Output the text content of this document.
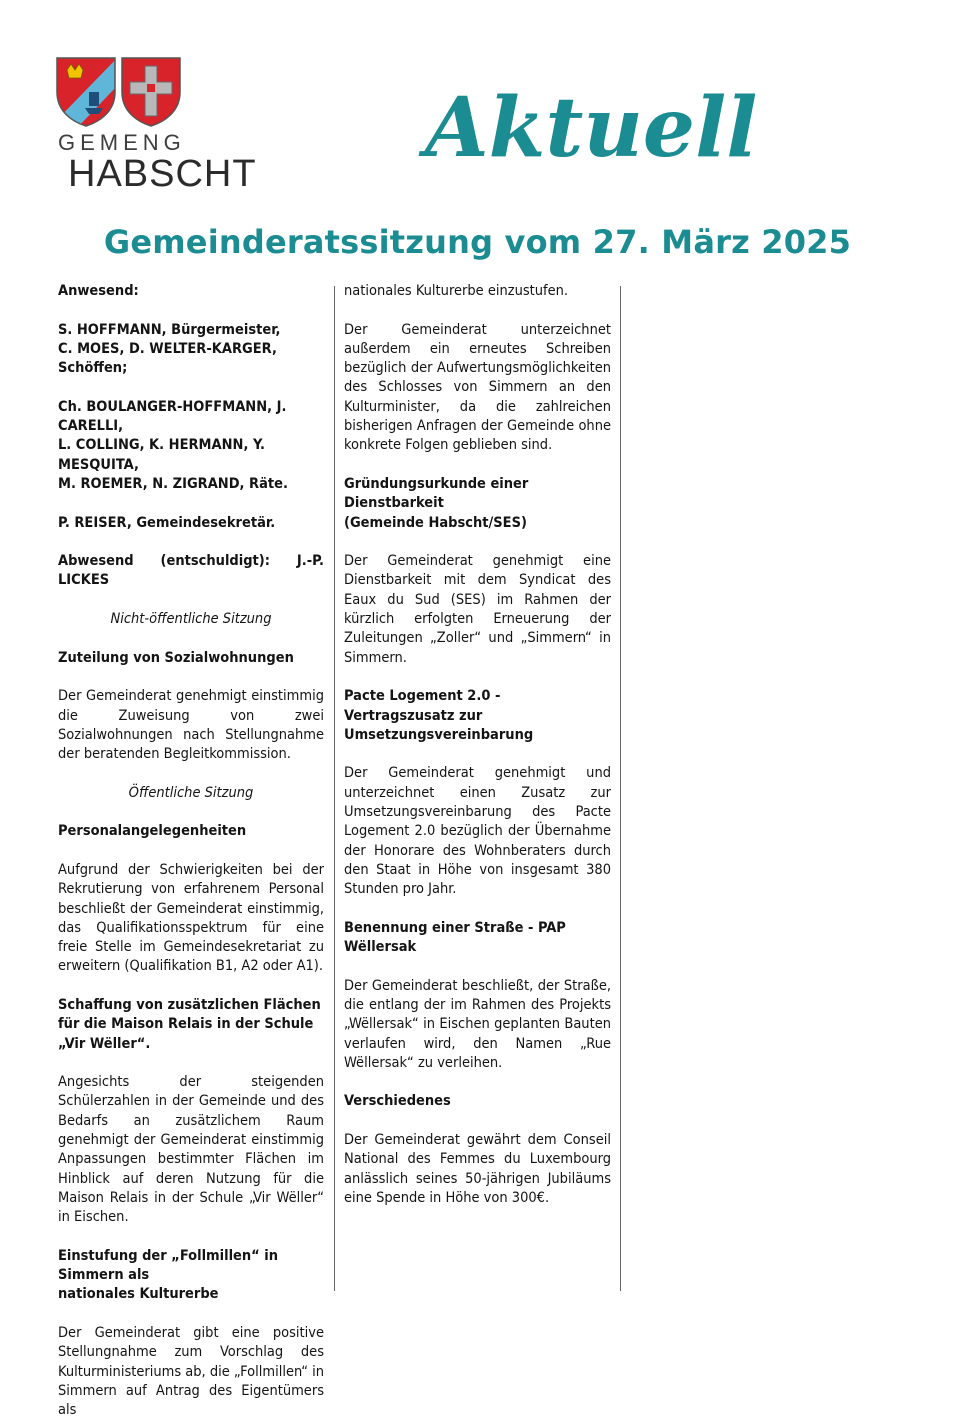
GEMENG
HABSCHT Aktuell
Gemeinderatssitzung vom 27. März 2025

Anwesend:

S. HOFFMANN, Bürgermeister,
C. MOES, D. WELTER-KARGER, Schöffen;
Ch. BOULANGER-HOFFMANN, J. CARELLI,
L. COLLING, K. HERMANN, Y. MESQUITA,
M. ROEMER, N. ZIGRAND, Räte.

P. REISER, Gemeindesekretär.

Abwesend (entschuldigt): J.-P. LICKES

Nicht-öffentliche Sitzung

Zuteilung von Sozialwohnungen

Der Gemeinderat genehmigt einstimmig die Zuweisung von zwei Sozialwohnungen nach Stellungnahme der beratenden Begleitkommission.

Öffentliche Sitzung

Personalangelegenheiten

Aufgrund der Schwierigkeiten bei der Rekrutierung von erfahrenem Personal beschließt der Gemeinderat einstimmig, das Qualifikationsspektrum für eine freie Stelle im Gemeindesekretariat zu erweitern (Qualifikation B1, A2 oder A1).

Schaffung von zusätzlichen Flächen
für die Maison Relais in der Schule
„Vir Wëller“.

Angesichts der steigenden Schülerzahlen in der Gemeinde und des Bedarfs an zusätzlichem Raum genehmigt der Gemeinderat einstimmig Anpassungen bestimmter Flächen im Hinblick auf deren Nutzung für die Maison Relais in der Schule „Vir Wëller“ in Eischen.

Einstufung der „Follmillen“ in Simmern als
nationales Kulturerbe

Der Gemeinderat gibt eine positive Stellungnahme zum Vorschlag des Kulturministeriums ab, die „Follmillen“ in Simmern auf Antrag des Eigentümers als

nationales Kulturerbe einzustufen.

Der Gemeinderat unterzeichnet außerdem ein erneutes Schreiben bezüglich der Aufwertungsmöglichkeiten des Schlosses von Simmern an den Kulturminister, da die zahlreichen bisherigen Anfragen der Gemeinde ohne konkrete Folgen geblieben sind.

Gründungsurkunde einer Dienstbarkeit
(Gemeinde Habscht/SES)

Der Gemeinderat genehmigt eine Dienstbarkeit mit dem Syndicat des Eaux du Sud (SES) im Rahmen der kürzlich erfolgten Erneuerung der Zuleitungen „Zoller“ und „Simmern“ in Simmern.

Pacte Logement 2.0 - Vertragszusatz zur
Umsetzungsvereinbarung

Der Gemeinderat genehmigt und unterzeichnet einen Zusatz zur Umsetzungsvereinbarung des Pacte Logement 2.0 bezüglich der Übernahme der Honorare des Wohnberaters durch den Staat in Höhe von insgesamt 380 Stunden pro Jahr.

Benennung einer Straße - PAP Wëllersak

Der Gemeinderat beschließt, der Straße, die entlang der im Rahmen des Projekts „Wëllersak“ in Eischen geplanten Bauten verlaufen wird, den Namen „Rue Wëllersak“ zu verleihen.

Verschiedenes

Der Gemeinderat gewährt dem Conseil National des Femmes du Luxembourg anlässlich seines 50-jährigen Jubiläums eine Spende in Höhe von 300€.
